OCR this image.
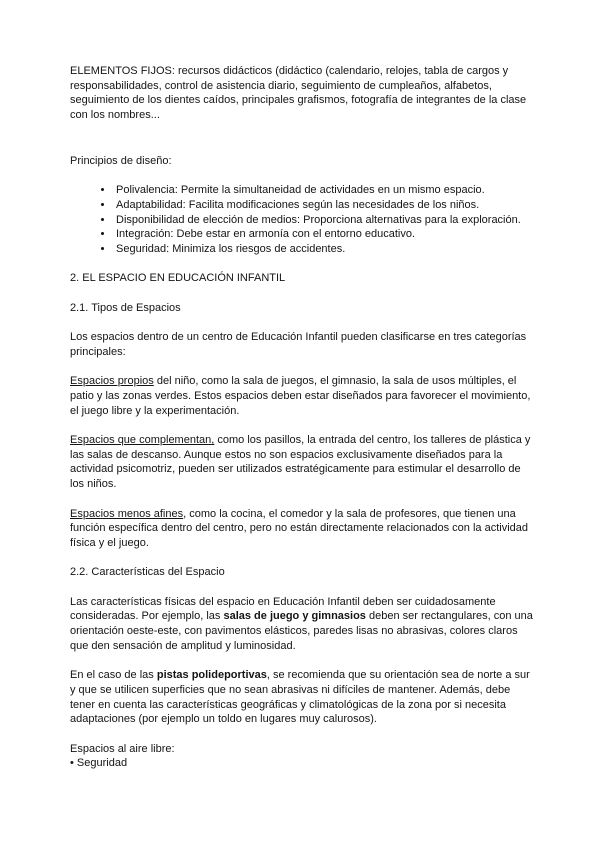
ELEMENTOS FIJOS: recursos didácticos (didáctico (calendario, relojes, tabla de cargos y responsabilidades, control de asistencia diario, seguimiento de cumpleaños, alfabetos, seguimiento de los dientes caídos, principales grafismos, fotografía de integrantes de la clase con los nombres...

Principios de diseño:

• Polivalencia: Permite la simultaneidad de actividades en un mismo espacio.
• Adaptabilidad: Facilita modificaciones según las necesidades de los niños.
• Disponibilidad de elección de medios: Proporciona alternativas para la exploración.
• Integración: Debe estar en armonía con el entorno educativo.
• Seguridad: Minimiza los riesgos de accidentes.

2. EL ESPACIO EN EDUCACIÓN INFANTIL

2.1. Tipos de Espacios

Los espacios dentro de un centro de Educación Infantil pueden clasificarse en tres categorías principales:

Espacios propios del niño, como la sala de juegos, el gimnasio, la sala de usos múltiples, el patio y las zonas verdes. Estos espacios deben estar diseñados para favorecer el movimiento, el juego libre y la experimentación.

Espacios que complementan, como los pasillos, la entrada del centro, los talleres de plástica y las salas de descanso. Aunque estos no son espacios exclusivamente diseñados para la actividad psicomotriz, pueden ser utilizados estratégicamente para estimular el desarrollo de los niños.

Espacios menos afines, como la cocina, el comedor y la sala de profesores, que tienen una función específica dentro del centro, pero no están directamente relacionados con la actividad física y el juego.

2.2. Características del Espacio

Las características físicas del espacio en Educación Infantil deben ser cuidadosamente consideradas. Por ejemplo, las salas de juego y gimnasios deben ser rectangulares, con una orientación oeste-este, con pavimentos elásticos, paredes lisas no abrasivas, colores claros que den sensación de amplitud y luminosidad.

En el caso de las pistas polideportivas, se recomienda que su orientación sea de norte a sur y que se utilicen superficies que no sean abrasivas ni difíciles de mantener. Además, debe tener en cuenta las características geográficas y climatológicas de la zona por si necesita adaptaciones (por ejemplo un toldo en lugares muy calurosos).

Espacios al aire libre:

• Seguridad
